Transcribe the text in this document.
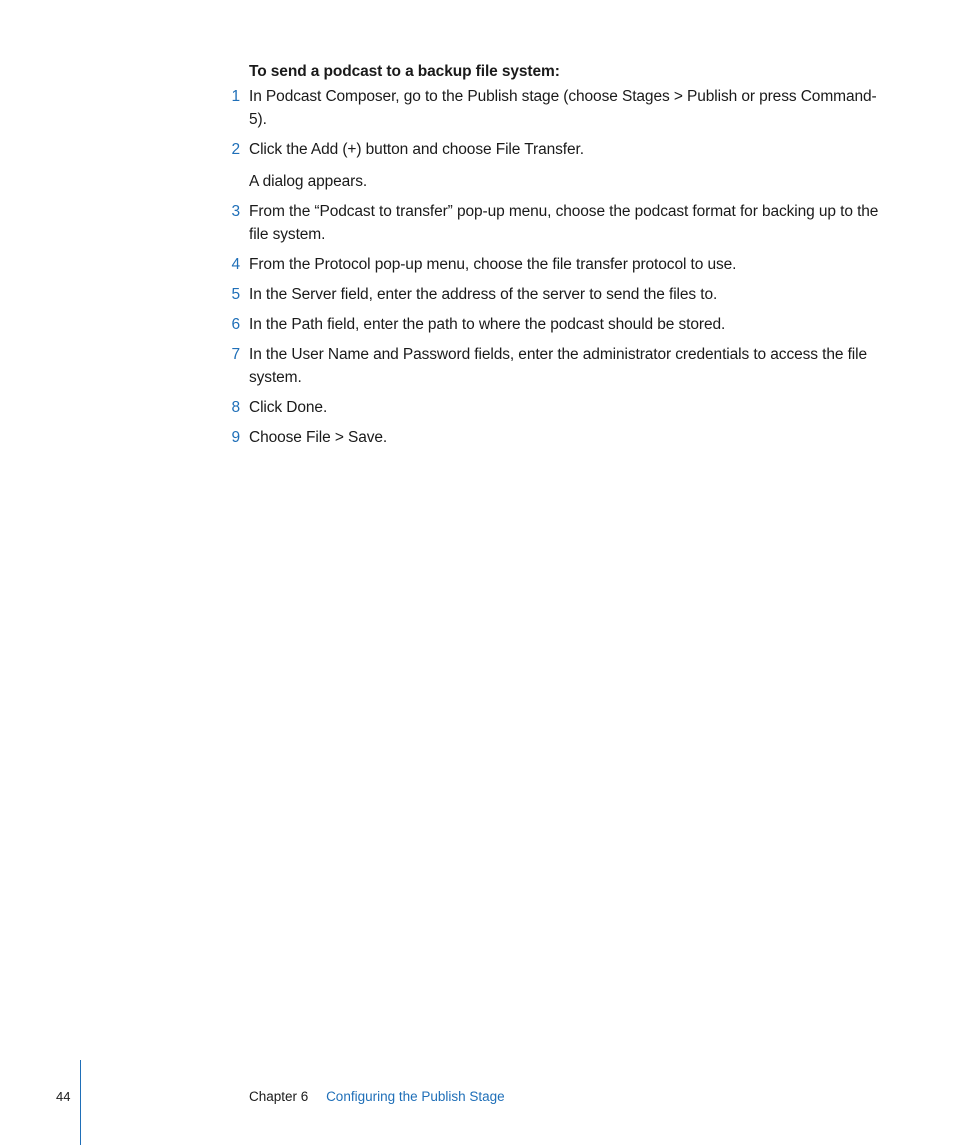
To send a podcast to a backup file system:
1 In Podcast Composer, go to the Publish stage (choose Stages > Publish or press Command-5).
2 Click the Add (+) button and choose File Transfer.
A dialog appears.
3 From the “Podcast to transfer” pop-up menu, choose the podcast format for backing up to the file system.
4 From the Protocol pop-up menu, choose the file transfer protocol to use.
5 In the Server field, enter the address of the server to send the files to.
6 In the Path field, enter the path to where the podcast should be stored.
7 In the User Name and Password fields, enter the administrator credentials to access the file system.
8 Click Done.
9 Choose File > Save.
44	Chapter 6 Configuring the Publish Stage
